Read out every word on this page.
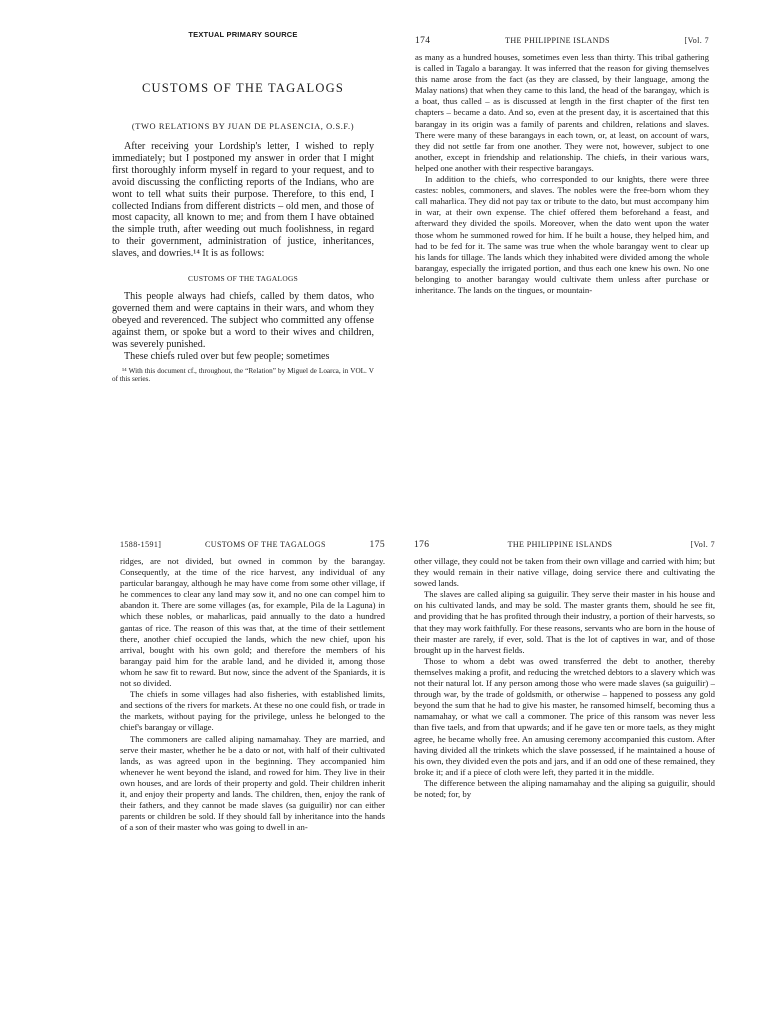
TEXTUAL PRIMARY SOURCE
CUSTOMS OF THE TAGALOGS
(TWO RELATIONS BY JUAN DE PLASENCIA, O.S.F.)

After receiving your Lordship's letter, I wished to reply immediately; but I postponed my answer in order that I might first thoroughly inform myself in regard to your request, and to avoid discussing the conflicting reports of the Indians, who are wont to tell what suits their purpose. Therefore, to this end, I collected Indians from different districts – old men, and those of most capacity, all known to me; and from them I have obtained the simple truth, after weeding out much foolishness, in regard to their government, administration of justice, inheritances, slaves, and dowries.¹⁴ It is as follows:

CUSTOMS OF THE TAGALOGS

This people always had chiefs, called by them datos, who governed them and were captains in their wars, and whom they obeyed and reverenced. The subject who committed any offense against them, or spoke but a word to their wives and children, was severely punished.

These chiefs ruled over but few people; sometimes

¹⁴ With this document cf., throughout, the “Relation” by Miguel de Loarca, in VOL. V of this series.

174	THE PHILIPPINE ISLANDS	[Vol. 7

as many as a hundred houses, sometimes even less than thirty. This tribal gathering is called in Tagalo a barangay. It was inferred that the reason for giving themselves this name arose from the fact (as they are classed, by their language, among the Malay nations) that when they came to this land, the head of the barangay, which is a boat, thus called – as is discussed at length in the first chapter of the first ten chapters – became a dato. And so, even at the present day, it is ascertained that this barangay in its origin was a family of parents and children, relations and slaves. There were many of these barangays in each town, or, at least, on account of wars, they did not settle far from one another. They were not, however, subject to one another, except in friendship and relationship. The chiefs, in their various wars, helped one another with their respective barangays.

In addition to the chiefs, who corresponded to our knights, there were three castes: nobles, commoners, and slaves. The nobles were the free-born whom they call maharlica. They did not pay tax or tribute to the dato, but must accompany him in war, at their own expense. The chief offered them beforehand a feast, and afterward they divided the spoils. Moreover, when the dato went upon the water those whom he summoned rowed for him. If he built a house, they helped him, and had to be fed for it. The same was true when the whole barangay went to clear up his lands for tillage. The lands which they inhabited were divided among the whole barangay, especially the irrigated portion, and thus each one knew his own. No one belonging to another barangay would cultivate them unless after purchase or inheritance. The lands on the tingues, or mountain-

1588-1591]	CUSTOMS OF THE TAGALOGS	175

ridges, are not divided, but owned in common by the barangay. Consequently, at the time of the rice harvest, any individual of any particular barangay, although he may have come from some other village, if he commences to clear any land may sow it, and no one can compel him to abandon it. There are some villages (as, for example, Pila de la Laguna) in which these nobles, or maharlicas, paid annually to the dato a hundred gantas of rice. The reason of this was that, at the time of their settlement there, another chief occupied the lands, which the new chief, upon his arrival, bought with his own gold; and therefore the members of his barangay paid him for the arable land, and he divided it, among those whom he saw fit to reward. But now, since the advent of the Spaniards, it is not so divided.

The chiefs in some villages had also fisheries, with established limits, and sections of the rivers for markets. At these no one could fish, or trade in the markets, without paying for the privilege, unless he belonged to the chief's barangay or village.

The commoners are called aliping namamahay. They are married, and serve their master, whether he be a dato or not, with half of their cultivated lands, as was agreed upon in the beginning. They accompanied him whenever he went beyond the island, and rowed for him. They live in their own houses, and are lords of their property and gold. Their children inherit it, and enjoy their property and lands. The children, then, enjoy the rank of their fathers, and they cannot be made slaves (sa guiguilir) nor can either parents or children be sold. If they should fall by inheritance into the hands of a son of their master who was going to dwell in an-

176	THE PHILIPPINE ISLANDS	[Vol. 7

other village, they could not be taken from their own village and carried with him; but they would remain in their native village, doing service there and cultivating the sowed lands.

The slaves are called aliping sa guiguilir. They serve their master in his house and on his cultivated lands, and may be sold. The master grants them, should he see fit, and providing that he has profited through their industry, a portion of their harvests, so that they may work faithfully. For these reasons, servants who are born in the house of their master are rarely, if ever, sold. That is the lot of captives in war, and of those brought up in the harvest fields.

Those to whom a debt was owed transferred the debt to another, thereby themselves making a profit, and reducing the wretched debtors to a slavery which was not their natural lot. If any person among those who were made slaves (sa guiguilir) – through war, by the trade of goldsmith, or otherwise – happened to possess any gold beyond the sum that he had to give his master, he ransomed himself, becoming thus a namamahay, or what we call a commoner. The price of this ransom was never less than five taels, and from that upwards; and if he gave ten or more taels, as they might agree, he became wholly free. An amusing ceremony accompanied this custom. After having divided all the trinkets which the slave possessed, if he maintained a house of his own, they divided even the pots and jars, and if an odd one of these remained, they broke it; and if a piece of cloth were left, they parted it in the middle.

The difference between the aliping namamahay and the aliping sa guiguilir, should be noted; for, by
